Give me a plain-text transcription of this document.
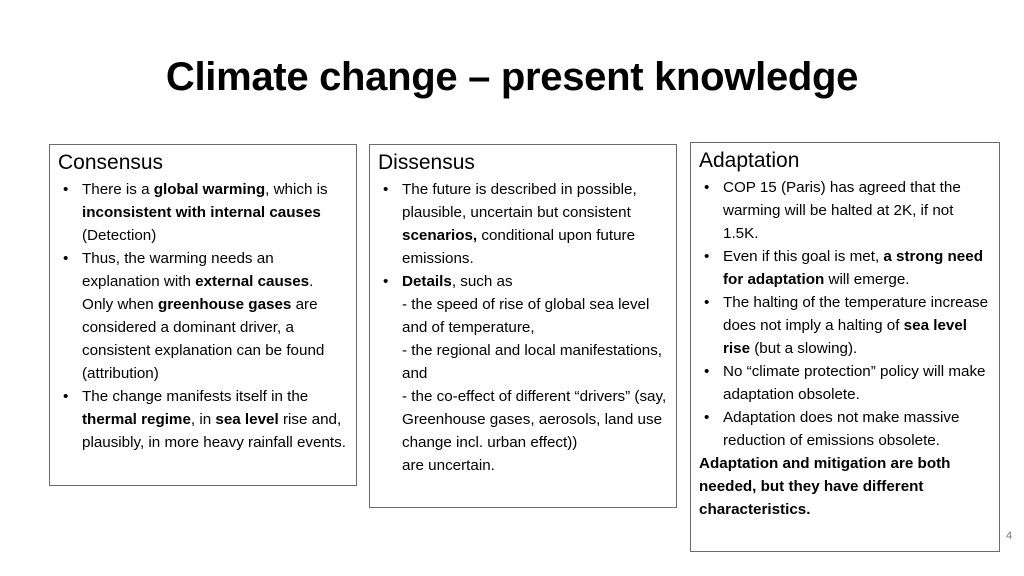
Climate change – present knowledge
Consensus
• There is a global warming, which is inconsistent with internal causes (Detection)
• Thus, the warming needs an explanation with external causes. Only when greenhouse gases are considered a dominant driver, a consistent explanation can be found (attribution)
• The change manifests itself in the thermal regime, in sea level rise and, plausibly, in more heavy rainfall events.
Dissensus
• The future is described in possible, plausible, uncertain but consistent scenarios, conditional upon future emissions.
• Details, such as
- the speed of rise of global sea level and of temperature,
- the regional and local manifestations, and
- the co-effect of different “drivers” (say, Greenhouse gases, aerosols, land use change incl. urban effect))
are uncertain.
Adaptation
• COP 15 (Paris) has agreed that the warming will be halted at 2K, if not 1.5K.
• Even if this goal is met, a strong need for adaptation will emerge.
• The halting of the temperature increase does not imply a halting of sea level rise (but a slowing).
• No “climate protection” policy will make adaptation obsolete.
• Adaptation does not make massive reduction of emissions obsolete.
Adaptation and mitigation are both needed, but they have different characteristics.
4
